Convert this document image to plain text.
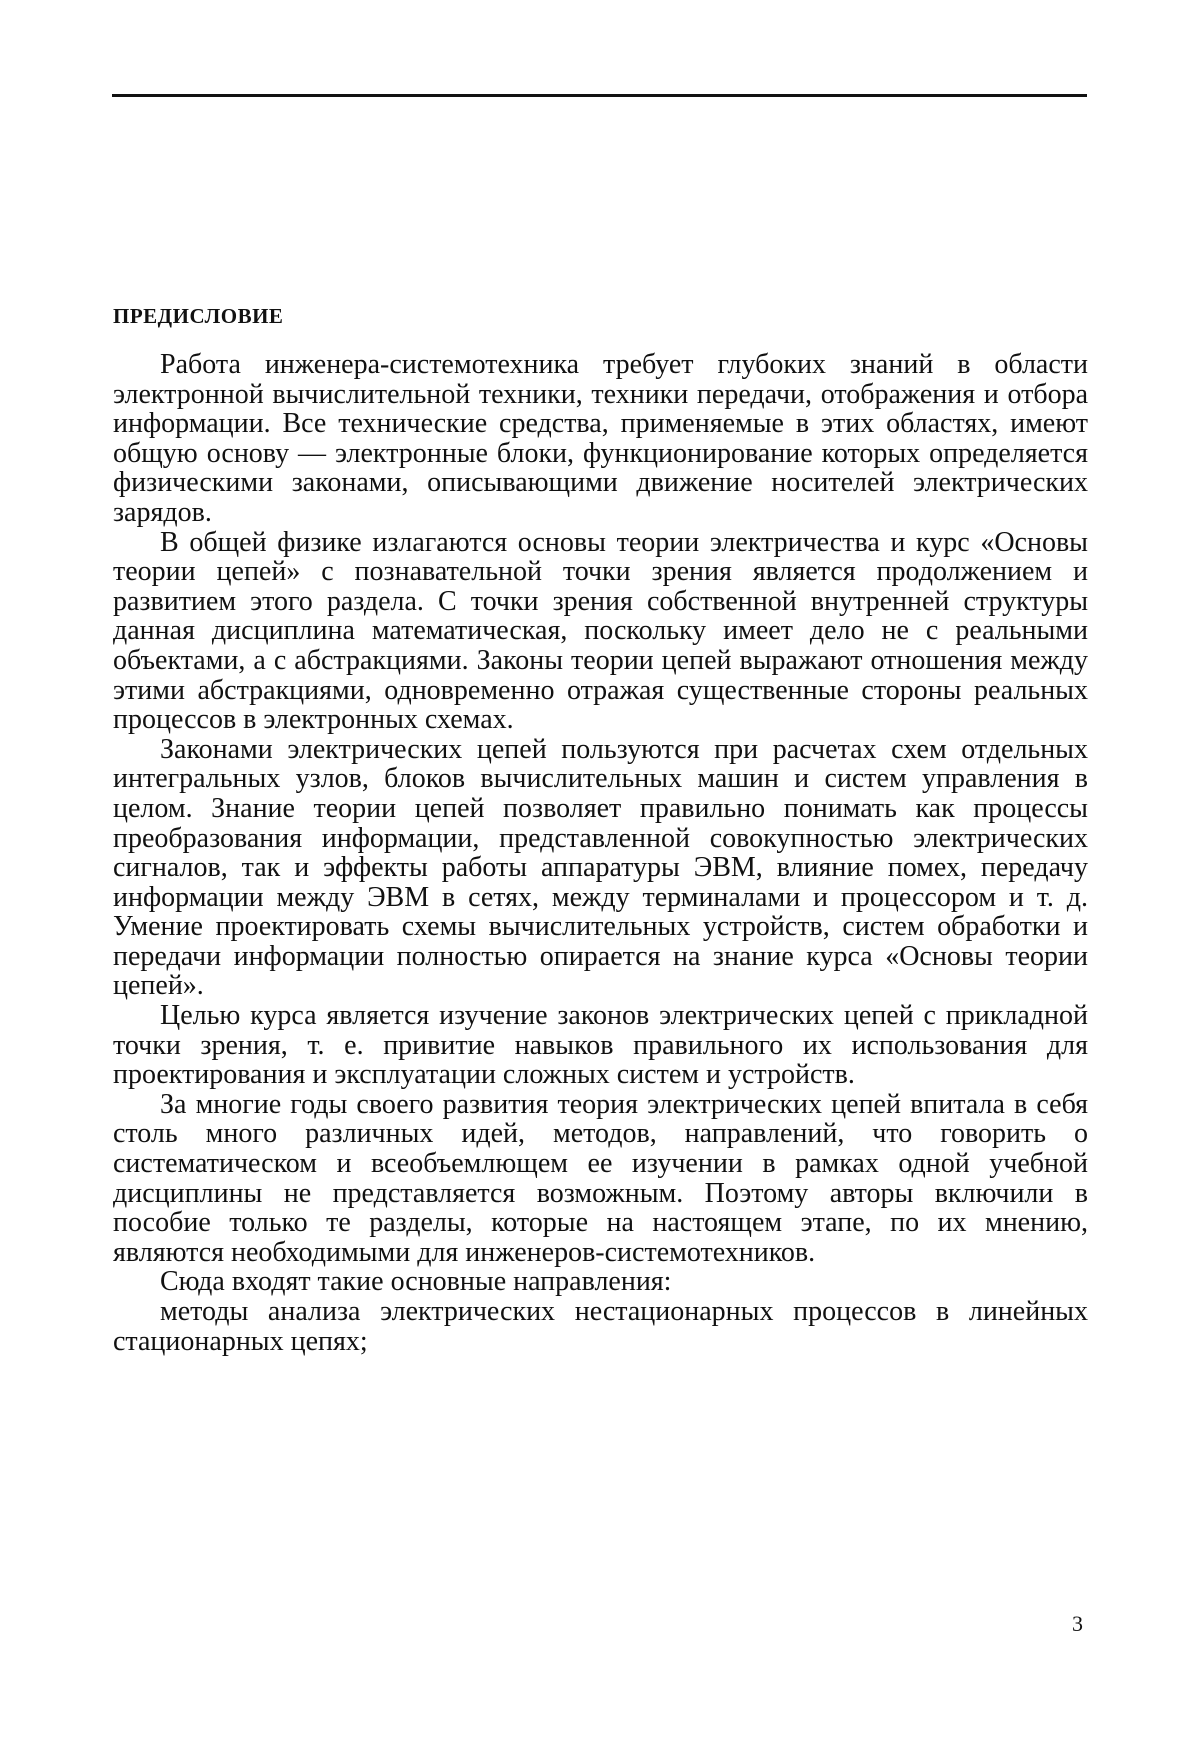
ПРЕДИСЛОВИЕ

Работа инженера-системотехника требует глубоких знаний в области электронной вычислительной техники, техники передачи, отображения и отбора информации. Все технические средства, применяемые в этих областях, имеют общую основу — электронные блоки, функционирование которых определяется физическими законами, описывающими движение носителей электрических зарядов.

В общей физике излагаются основы теории электричества и курс «Основы теории цепей» с познавательной точки зрения является продолжением и развитием этого раздела. С точки зрения собственной внутренней структуры данная дисциплина математическая, поскольку имеет дело не с реальными объектами, а с абстракциями. Законы теории цепей выражают отношения между этими абстракциями, одновременно отражая существенные стороны реальных процессов в электронных схемах.

Законами электрических цепей пользуются при расчетах схем отдельных интегральных узлов, блоков вычислительных машин и систем управления в целом. Знание теории цепей позволяет правильно понимать как процессы преобразования информации, представленной совокупностью электрических сигналов, так и эффекты работы аппаратуры ЭВМ, влияние помех, передачу информации между ЭВМ в сетях, между терминалами и процессором и т. д. Умение проектировать схемы вычислительных устройств, систем обработки и передачи информации полностью опирается на знание курса «Основы теории цепей».

Целью курса является изучение законов электрических цепей с прикладной точки зрения, т. е. привитие навыков правильного их использования для проектирования и эксплуатации сложных систем и устройств.

За многие годы своего развития теория электрических цепей впитала в себя столь много различных идей, методов, направлений, что говорить о систематическом и всеобъемлющем ее изучении в рамках одной учебной дисциплины не представляется возможным. Поэтому авторы включили в пособие только те разделы, которые на настоящем этапе, по их мнению, являются необходимыми для инженеров-системотехников.

Сюда входят такие основные направления:

методы анализа электрических нестационарных процессов в линейных стационарных цепях;

3
